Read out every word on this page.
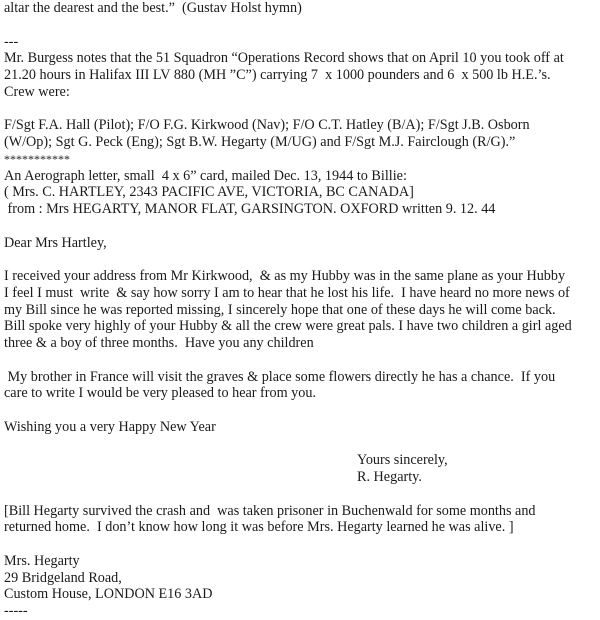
altar the dearest and the best.”  (Gustav Holst hymn)
---
Mr. Burgess notes that the 51 Squadron “Operations Record shows that on April 10 you took off at
21.20 hours in Halifax III LV 880 (MH ”C”) carrying 7  x 1000 pounders and 6  x 500 lb H.E.’s.
Crew were:
F/Sgt F.A. Hall (Pilot); F/O F.G. Kirkwood (Nav); F/O C.T. Hatley (B/A); F/Sgt J.B. Osborn
(W/Op); Sgt G. Peck (Eng); Sgt B.W. Hegarty (M/UG) and F/Sgt M.J. Fairclough (R/G).”
***********
An Aerograph letter, small  4 x 6” card, mailed Dec. 13, 1944 to Billie:
( Mrs. C. HARTLEY, 2343 PACIFIC AVE, VICTORIA, BC CANADA]
from : Mrs HEGARTY, MANOR FLAT, GARSINGTON. OXFORD written 9. 12. 44
Dear Mrs Hartley,
I received your address from Mr Kirkwood,  & as my Hubby was in the same plane as your Hubby
I feel I must  write  & say how sorry I am to hear that he lost his life.  I have heard no more news of
my Bill since he was reported missing, I sincerely hope that one of these days he will come back.
Bill spoke very highly of your Hubby & all the crew were great pals. I have two children a girl aged
three & a boy of three months.  Have you any children
My brother in France will visit the graves & place some flowers directly he has a chance.  If you
care to write I would be very pleased to hear from you.
Wishing you a very Happy New Year
Yours sincerely,
R. Hegarty.
[Bill Hegarty survived the crash and  was taken prisoner in Buchenwald for some months and
returned home.  I don’t know how long it was before Mrs. Hegarty learned he was alive. ]
Mrs. Hegarty
29 Bridgeland Road,
Custom House, LONDON E16 3AD
-----
